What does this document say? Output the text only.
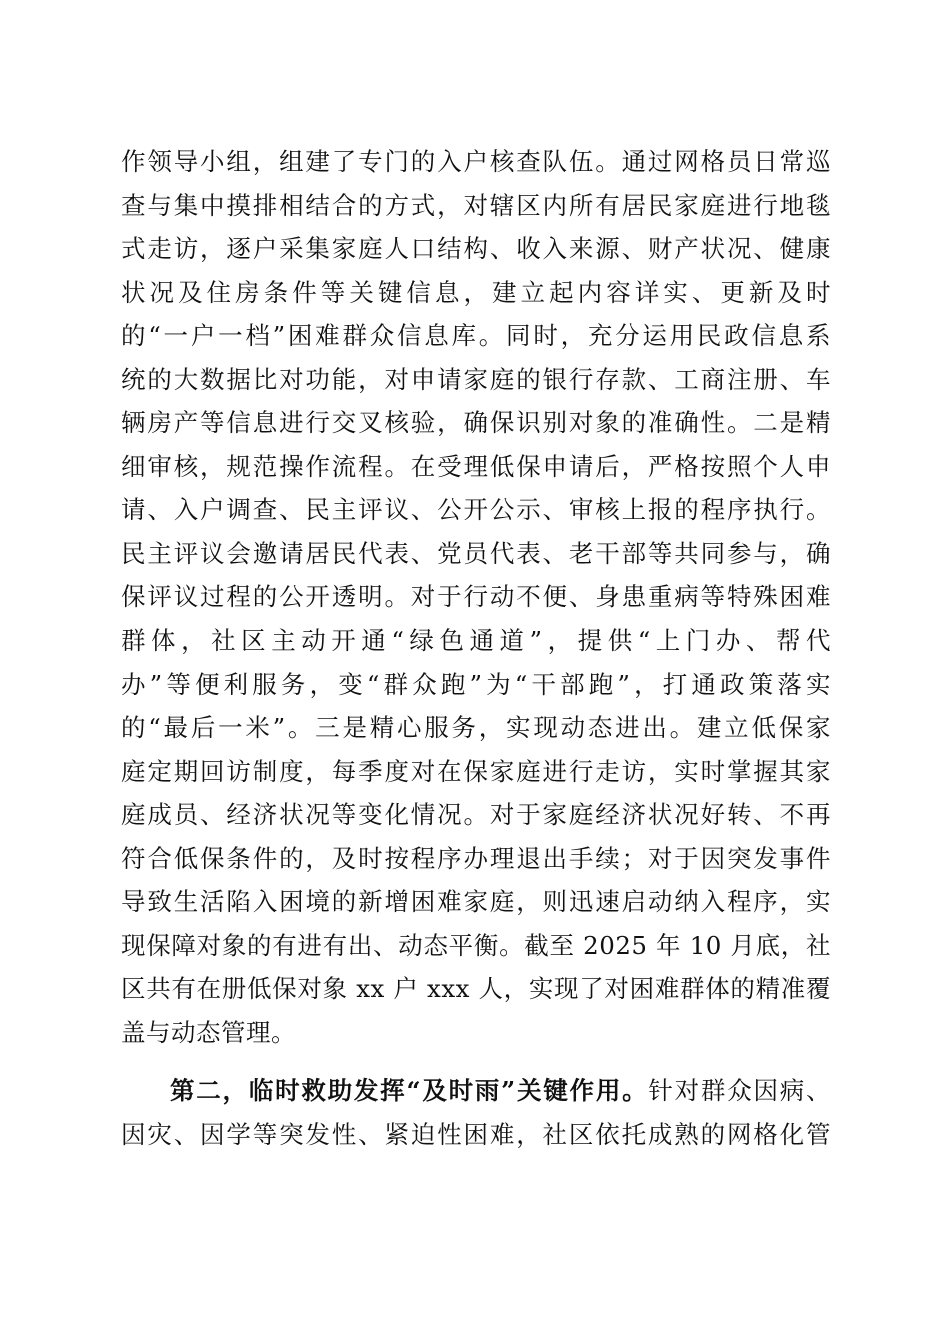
作领导小组，组建了专门的入户核查队伍。通过网格员日常巡
查与集中摸排相结合的方式，对辖区内所有居民家庭进行地毯
式走访，逐户采集家庭人口结构、收入来源、财产状况、健康
状况及住房条件等关键信息，建立起内容详实、更新及时
的“一户一档”困难群众信息库。同时，充分运用民政信息系
统的大数据比对功能，对申请家庭的银行存款、工商注册、车
辆房产等信息进行交叉核验，确保识别对象的准确性。二是精
细审核，规范操作流程。在受理低保申请后，严格按照个人申
请、入户调查、民主评议、公开公示、审核上报的程序执行。
民主评议会邀请居民代表、党员代表、老干部等共同参与，确
保评议过程的公开透明。对于行动不便、身患重病等特殊困难
群体，社区主动开通“绿色通道”，提供“上门办、帮代
办”等便利服务，变“群众跑”为“干部跑”，打通政策落实
的“最后一米”。三是精心服务，实现动态进出。建立低保家
庭定期回访制度，每季度对在保家庭进行走访，实时掌握其家
庭成员、经济状况等变化情况。对于家庭经济状况好转、不再
符合低保条件的，及时按程序办理退出手续；对于因突发事件
导致生活陷入困境的新增困难家庭，则迅速启动纳入程序，实
现保障对象的有进有出、动态平衡。截至 2025 年 10 月底，社
区共有在册低保对象 xx 户 xxx 人，实现了对困难群体的精准覆
盖与动态管理。
第二，临时救助发挥“及时雨”关键作用。针对群众因病、
因灾、因学等突发性、紧迫性困难，社区依托成熟的网格化管
